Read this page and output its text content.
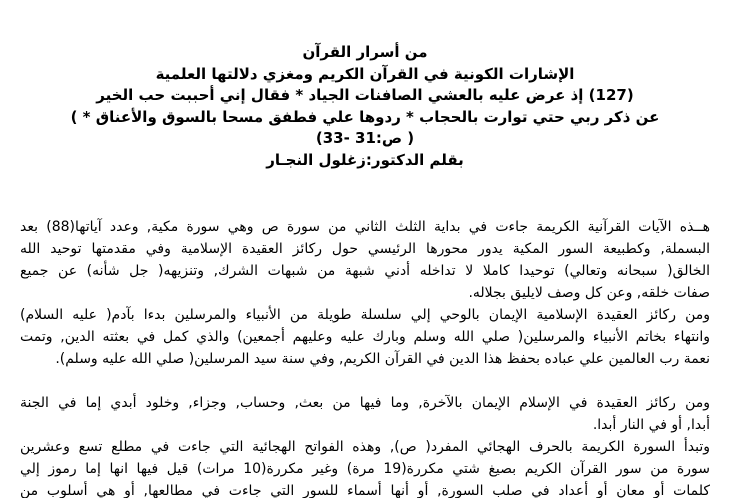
من أسرار القرآن
الإشارات الكونية في القرآن الكريم ومغزي دلالتها العلمية
(127) إذ عرض عليه بالعشي الصافنات الجياد * فقال إني أحببت حب الخير
عن ذكر ربي حتي توارت بالحجاب * ردوها علي فطفق مسحا بالسوق والأعناق * )
( ص:31 -33)
بقلم الدكتور:زغلول النجـار

هــذه الآيات القرآنية الكريمة جاءت في بداية الثلث الثاني من سورة ص وهي سورة مكية, وعدد آياتها(88) بعد
البسملة, وكطبيعة السور المكية يدور محورها الرئيسي حول ركائز العقيدة الإسلامية وفي مقدمتها توحيد الله
الخالق( سبحانه وتعالي) توحيدا كاملا لا تداخله أدني شبهة من شبهات الشرك, وتنزيهه( جل شأنه) عن جميع
صفات خلقه, وعن كل وصف لايليق بجلاله.

ومن ركائز العقيدة الإسلامية الإيمان بالوحي إلي سلسلة طويلة من الأنبياء والمرسلين بدءا بآدم( عليه السلام)
وانتهاء بخاتم الأنبياء والمرسلين( صلي الله وسلم وبارك عليه وعليهم أجمعين) والذي كمل في بعثته الدين, وتمت
نعمة رب العالمين علي عباده بحفظ هذا الدين في القرآن الكريم, وفي سنة سيد المرسلين( صلي الله عليه وسلم).

ومن ركائز العقيدة في الإسلام الإيمان بالآخرة, وما فيها من بعث, وحساب, وجزاء, وخلود أبدي إما في الجنة
أبدا, أو في النار أبدا.

وتبدأ السورة الكريمة بالحرف الهجائي المفرد( ص), وهذه الفواتح الهجائية التي جاءت في مطلع تسع وعشرين
سورة من سور القرآن الكريم بصيغ شتي مكررة(19 مرة) وغير مكررة(10 مرات) قيل فيها انها إما رموز إلي
كلمات أو معان أو أعداد في صلب السورة, أو أنها أسماء للسور التي جاءت في مطالعها, أو هي أسلوب من
